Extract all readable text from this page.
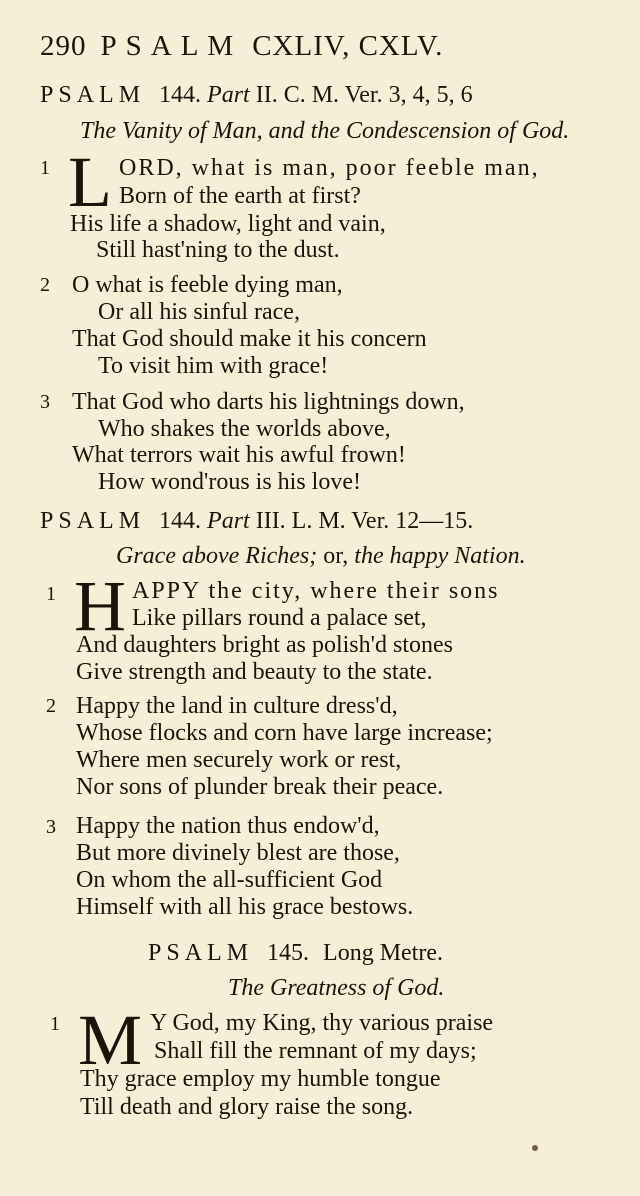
290 PSALM CXLIV, CXLV.
PSALM 144. Part II. C. M. Ver. 3, 4, 5, 6
The Vanity of Man, and the Condescension of God.
1 L ORD, what is man, poor feeble man,
Born of the earth at first?
His life a shadow, light and vain,
Still hast'ning to the dust.
2 O what is feeble dying man,
Or all his sinful race,
That God should make it his concern
To visit him with grace!
3 That God who darts his lightnings down,
Who shakes the worlds above,
What terrors wait his awful frown!
How wond'rous is his love!
PSALM 144. Part III. L. M. Ver. 12—15.
Grace above Riches; or, the happy Nation.
1 H APPY the city, where their sons
Like pillars round a palace set,
And daughters bright as polish'd stones
Give strength and beauty to the state.
2 Happy the land in culture dress'd,
Whose flocks and corn have large increase;
Where men securely work or rest,
Nor sons of plunder break their peace.
3 Happy the nation thus endow'd,
But more divinely blest are those,
On whom the all-sufficient God
Himself with all his grace bestows.
PSALM 145. Long Metre.
The Greatness of God.
1 M Y God, my King, thy various praise
Shall fill the remnant of my days;
Thy grace employ my humble tongue
Till death and glory raise the song.
